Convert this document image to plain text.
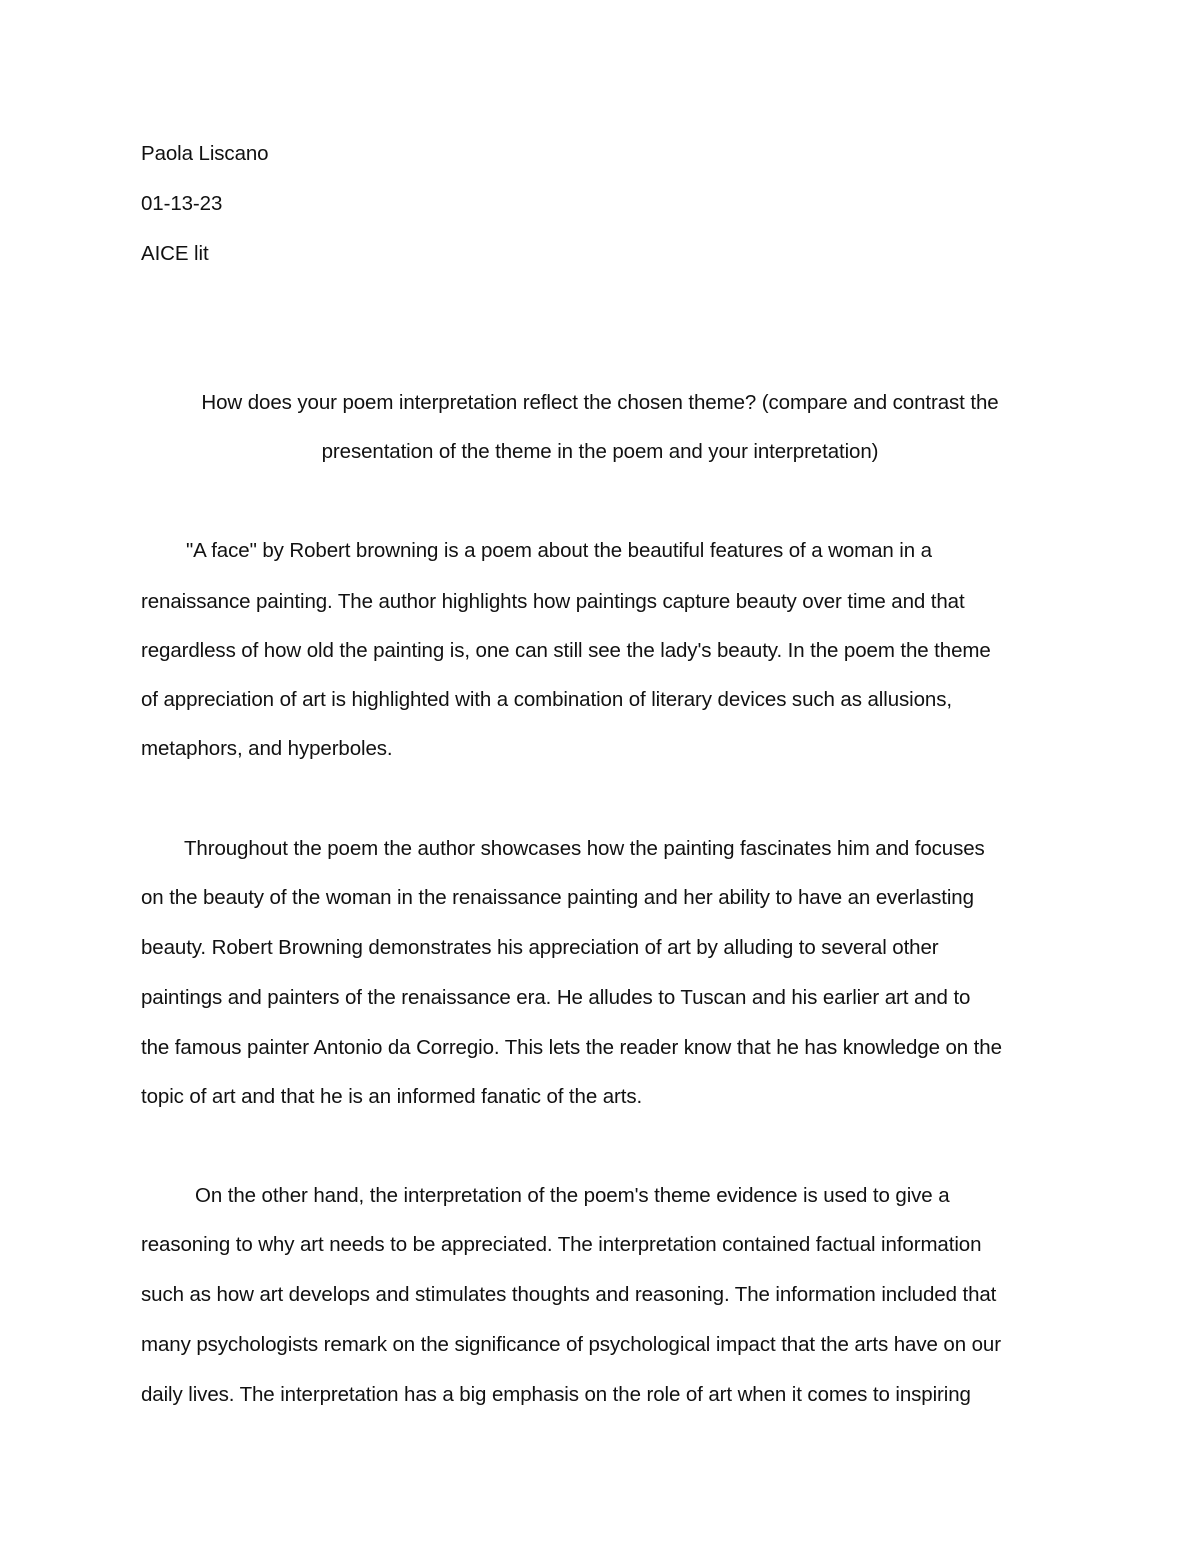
Paola Liscano
01-13-23
AICE lit
How does your poem interpretation reflect the chosen theme? (compare and contrast the
presentation of the theme in the poem and your interpretation)
"A face" by Robert browning is a poem about the beautiful features of a woman in a
renaissance painting. The author highlights how paintings capture beauty over time and that
regardless of how old the painting is, one can still see the lady's beauty. In the poem the theme
of appreciation of art is highlighted with a combination of literary devices such as allusions,
metaphors, and hyperboles.
Throughout the poem the author showcases how the painting fascinates him and focuses
on the beauty of the woman in the renaissance painting and her ability to have an everlasting
beauty. Robert Browning demonstrates his appreciation of art by alluding to several other
paintings and painters of the renaissance era. He alludes to Tuscan and his earlier art and to
the famous painter Antonio da Corregio. This lets the reader know that he has knowledge on the
topic of art and that he is an informed fanatic of the arts.
On the other hand, the interpretation of the poem's theme evidence is used to give a
reasoning to why art needs to be appreciated. The interpretation contained factual information
such as how art develops and stimulates thoughts and reasoning. The information included that
many psychologists remark on the significance of psychological impact that the arts have on our
daily lives. The interpretation has a big emphasis on the role of art when it comes to inspiring
